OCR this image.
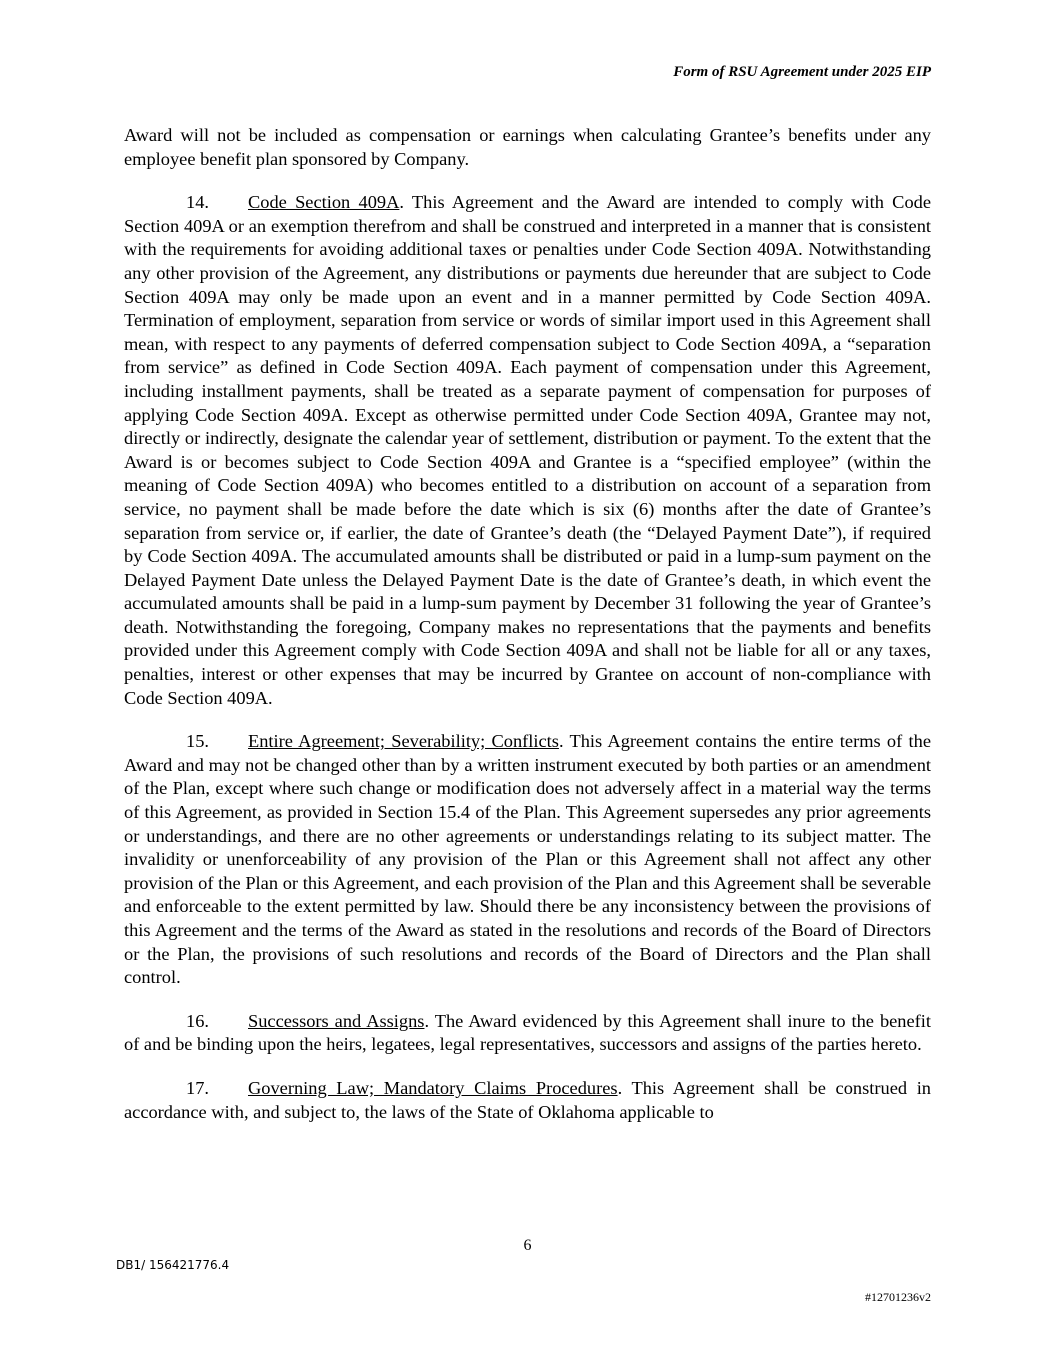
Form of RSU Agreement under 2025 EIP

Award will not be included as compensation or earnings when calculating Grantee’s benefits under any employee benefit plan sponsored by Company.

14. Code Section 409A. This Agreement and the Award are intended to comply with Code Section 409A or an exemption therefrom and shall be construed and interpreted in a manner that is consistent with the requirements for avoiding additional taxes or penalties under Code Section 409A. Notwithstanding any other provision of the Agreement, any distributions or payments due hereunder that are subject to Code Section 409A may only be made upon an event and in a manner permitted by Code Section 409A. Termination of employment, separation from service or words of similar import used in this Agreement shall mean, with respect to any payments of deferred compensation subject to Code Section 409A, a “separation from service” as defined in Code Section 409A. Each payment of compensation under this Agreement, including installment payments, shall be treated as a separate payment of compensation for purposes of applying Code Section 409A. Except as otherwise permitted under Code Section 409A, Grantee may not, directly or indirectly, designate the calendar year of settlement, distribution or payment. To the extent that the Award is or becomes subject to Code Section 409A and Grantee is a “specified employee” (within the meaning of Code Section 409A) who becomes entitled to a distribution on account of a separation from service, no payment shall be made before the date which is six (6) months after the date of Grantee’s separation from service or, if earlier, the date of Grantee’s death (the “Delayed Payment Date”), if required by Code Section 409A. The accumulated amounts shall be distributed or paid in a lump-sum payment on the Delayed Payment Date unless the Delayed Payment Date is the date of Grantee’s death, in which event the accumulated amounts shall be paid in a lump-sum payment by December 31 following the year of Grantee’s death. Notwithstanding the foregoing, Company makes no representations that the payments and benefits provided under this Agreement comply with Code Section 409A and shall not be liable for all or any taxes, penalties, interest or other expenses that may be incurred by Grantee on account of non-compliance with Code Section 409A.

15. Entire Agreement; Severability; Conflicts. This Agreement contains the entire terms of the Award and may not be changed other than by a written instrument executed by both parties or an amendment of the Plan, except where such change or modification does not adversely affect in a material way the terms of this Agreement, as provided in Section 15.4 of the Plan. This Agreement supersedes any prior agreements or understandings, and there are no other agreements or understandings relating to its subject matter. The invalidity or unenforceability of any provision of the Plan or this Agreement shall not affect any other provision of the Plan or this Agreement, and each provision of the Plan and this Agreement shall be severable and enforceable to the extent permitted by law. Should there be any inconsistency between the provisions of this Agreement and the terms of the Award as stated in the resolutions and records of the Board of Directors or the Plan, the provisions of such resolutions and records of the Board of Directors and the Plan shall control.

16. Successors and Assigns. The Award evidenced by this Agreement shall inure to the benefit of and be binding upon the heirs, legatees, legal representatives, successors and assigns of the parties hereto.

17. Governing Law; Mandatory Claims Procedures. This Agreement shall be construed in accordance with, and subject to, the laws of the State of Oklahoma applicable to

6
DB1/ 156421776.4
#12701236v2
